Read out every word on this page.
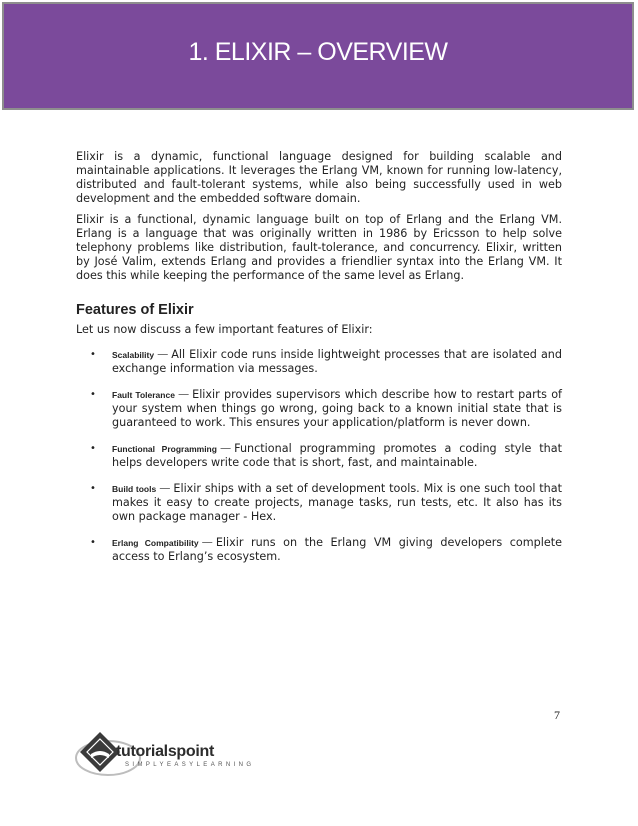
1. ELIXIR – OVERVIEW

Elixir is a dynamic, functional language designed for building scalable and maintainable applications. It leverages the Erlang VM, known for running low-latency, distributed and fault-tolerant systems, while also being successfully used in web development and the embedded software domain.

Elixir is a functional, dynamic language built on top of Erlang and the Erlang VM. Erlang is a language that was originally written in 1986 by Ericsson to help solve telephony problems like distribution, fault-tolerance, and concurrency. Elixir, written by José Valim, extends Erlang and provides a friendlier syntax into the Erlang VM. It does this while keeping the performance of the same level as Erlang.

Features of Elixir

Let us now discuss a few important features of Elixir:

• Scalability — All Elixir code runs inside lightweight processes that are isolated and exchange information via messages.
• Fault Tolerance — Elixir provides supervisors which describe how to restart parts of your system when things go wrong, going back to a known initial state that is guaranteed to work. This ensures your application/platform is never down.
• Functional Programming — Functional programming promotes a coding style that helps developers write code that is short, fast, and maintainable.
• Build tools — Elixir ships with a set of development tools. Mix is one such tool that makes it easy to create projects, manage tasks, run tests, etc. It also has its own package manager - Hex.
• Erlang Compatibility — Elixir runs on the Erlang VM giving developers complete access to Erlang’s ecosystem.
7
tutorialspoint
SIMPLYEASYLEARNING
